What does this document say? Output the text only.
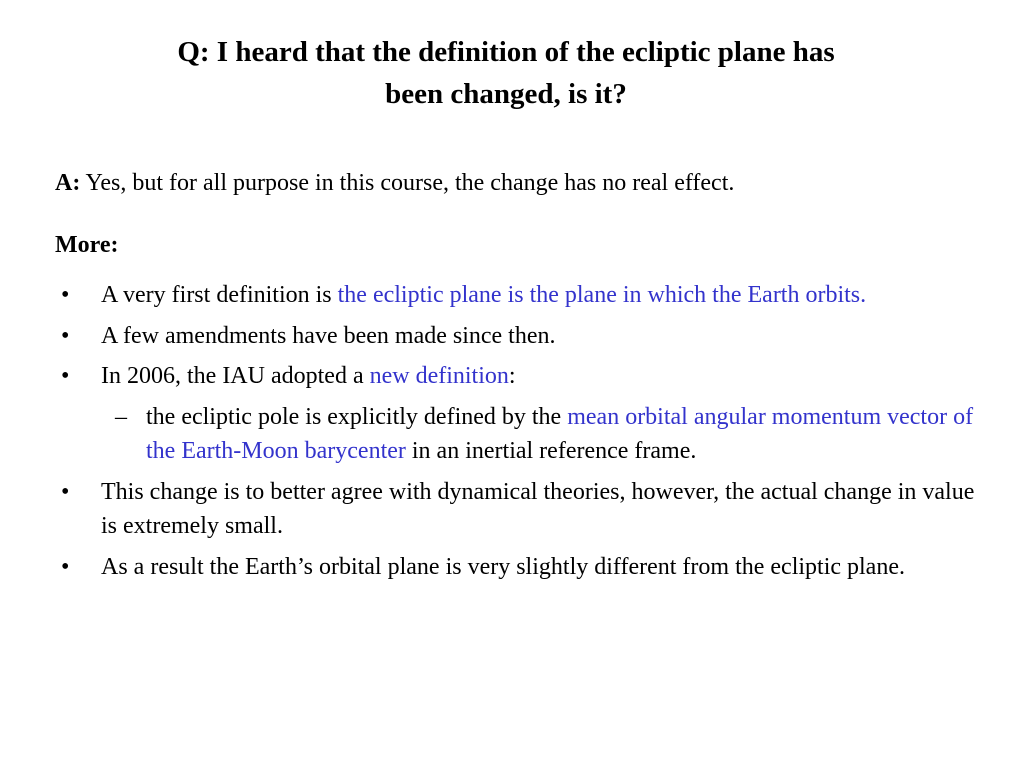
Q: I heard that the definition of the ecliptic plane has
been changed, is it?

A: Yes, but for all purpose in this course, the change has no real effect.

More:

• A very first definition is the ecliptic plane is the plane in which the Earth orbits.
• A few amendments have been made since then.
• In 2006, the IAU adopted a new definition:
– the ecliptic pole is explicitly defined by the mean orbital angular momentum vector of the Earth-Moon barycenter in an inertial reference frame.
• This change is to better agree with dynamical theories, however, the actual change in value is extremely small.
• As a result the Earth’s orbital plane is very slightly different from the ecliptic plane.
